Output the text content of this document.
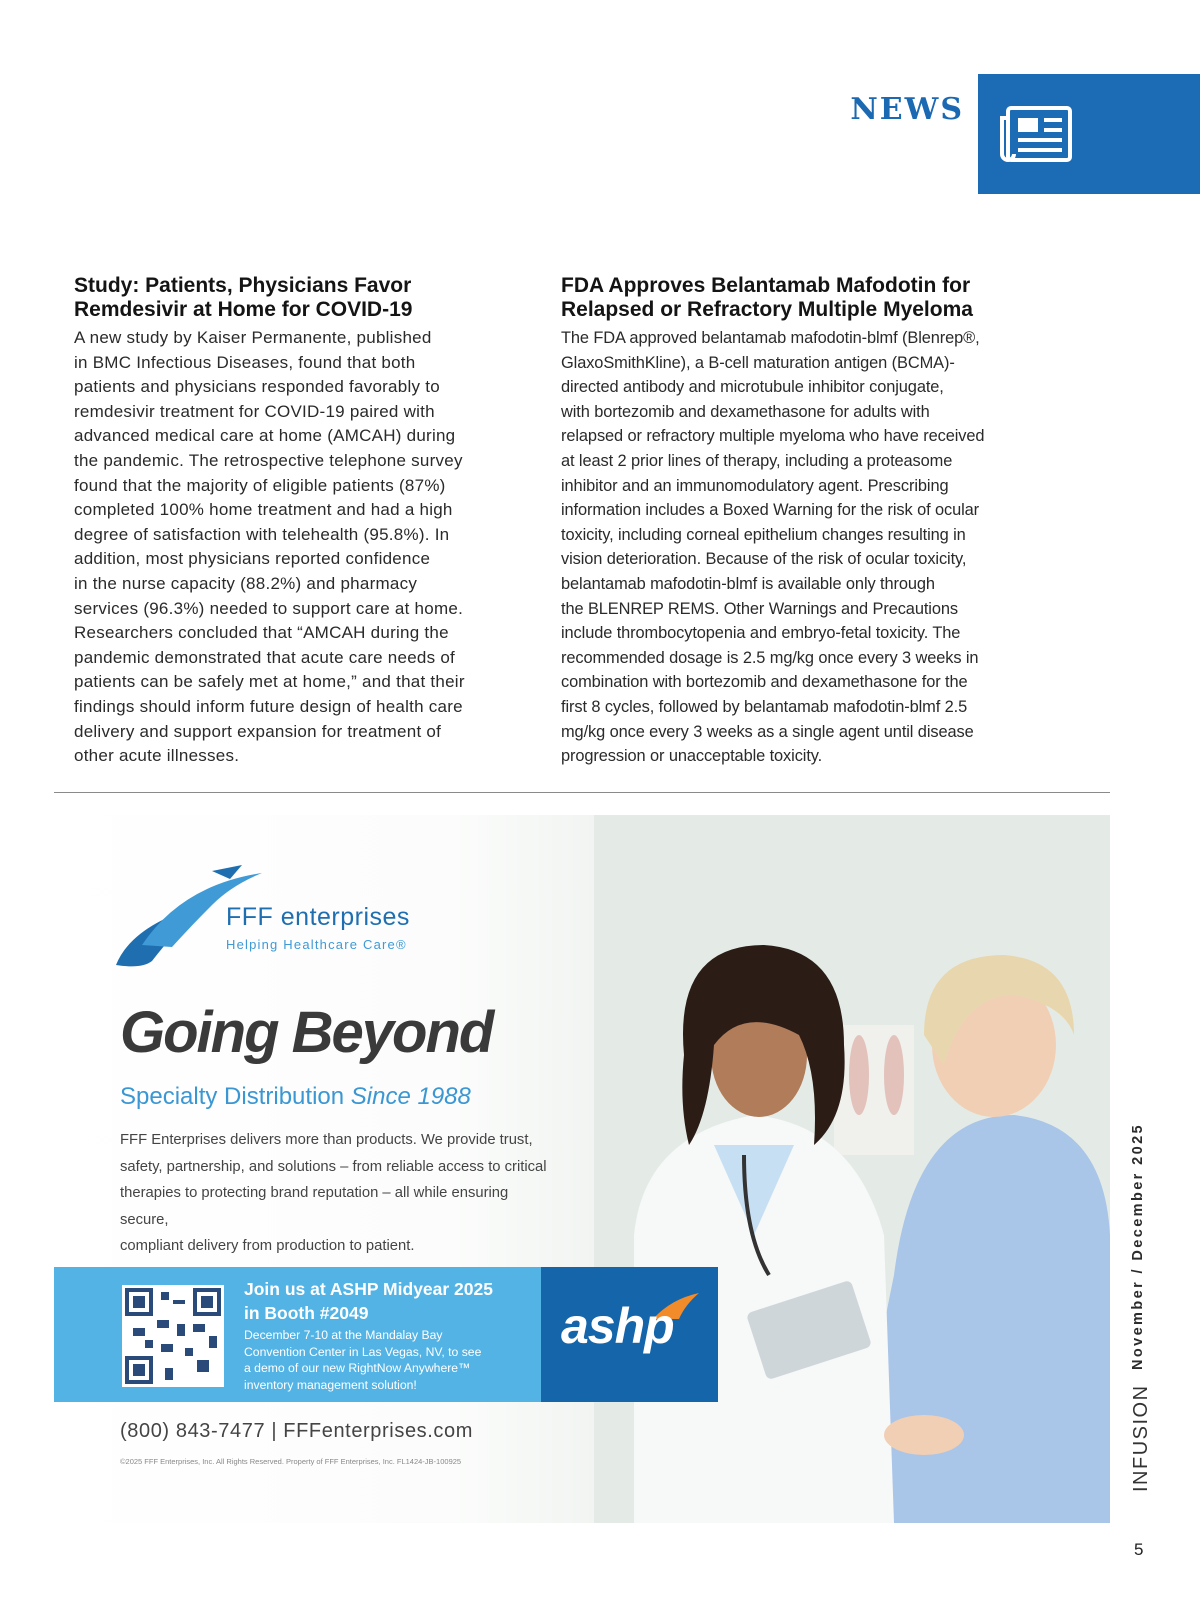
NEWS
Study: Patients, Physicians Favor
Remdesivir at Home for COVID-19

A new study by Kaiser Permanente, published
in BMC Infectious Diseases, found that both
patients and physicians responded favorably to
remdesivir treatment for COVID-19 paired with
advanced medical care at home (AMCAH) during
the pandemic. The retrospective telephone survey
found that the majority of eligible patients (87%)
completed 100% home treatment and had a high
degree of satisfaction with telehealth (95.8%). In
addition, most physicians reported confidence
in the nurse capacity (88.2%) and pharmacy
services (96.3%) needed to support care at home.
Researchers concluded that “AMCAH during the
pandemic demonstrated that acute care needs of
patients can be safely met at home,” and that their
findings should inform future design of health care
delivery and support expansion for treatment of
other acute illnesses.

FDA Approves Belantamab Mafodotin for
Relapsed or Refractory Multiple Myeloma

The FDA approved belantamab mafodotin-blmf (Blenrep®,
GlaxoSmithKline), a B-cell maturation antigen (BCMA)-
directed antibody and microtubule inhibitor conjugate,
with bortezomib and dexamethasone for adults with
relapsed or refractory multiple myeloma who have received
at least 2 prior lines of therapy, including a proteasome
inhibitor and an immunomodulatory agent. Prescribing
information includes a Boxed Warning for the risk of ocular
toxicity, including corneal epithelium changes resulting in
vision deterioration. Because of the risk of ocular toxicity,
belantamab mafodotin-blmf is available only through
the BLENREP REMS. Other Warnings and Precautions
include thrombocytopenia and embryo-fetal toxicity. The
recommended dosage is 2.5 mg/kg once every 3 weeks in
combination with bortezomib and dexamethasone for the
first 8 cycles, followed by belantamab mafodotin-blmf 2.5
mg/kg once every 3 weeks as a single agent until disease
progression or unacceptable toxicity.

FFF enterprises
Helping Healthcare Care®
Going Beyond
Specialty Distribution Since 1988
FFF Enterprises delivers more than products. We provide trust,
safety, partnership, and solutions – from reliable access to critical
therapies to protecting brand reputation – all while ensuring secure,
compliant delivery from production to patient.
Join us at ASHP Midyear 2025
in Booth #2049
December 7-10 at the Mandalay Bay
Convention Center in Las Vegas, NV, to see
a demo of our new RightNow Anywhere™
inventory management solution!
ashp
(800) 843-7477 | FFFenterprises.com
©2025 FFF Enterprises, Inc. All Rights Reserved. Property of FFF Enterprises, Inc. FL1424-JB-100925
November / December 2025
INFUSION
5
